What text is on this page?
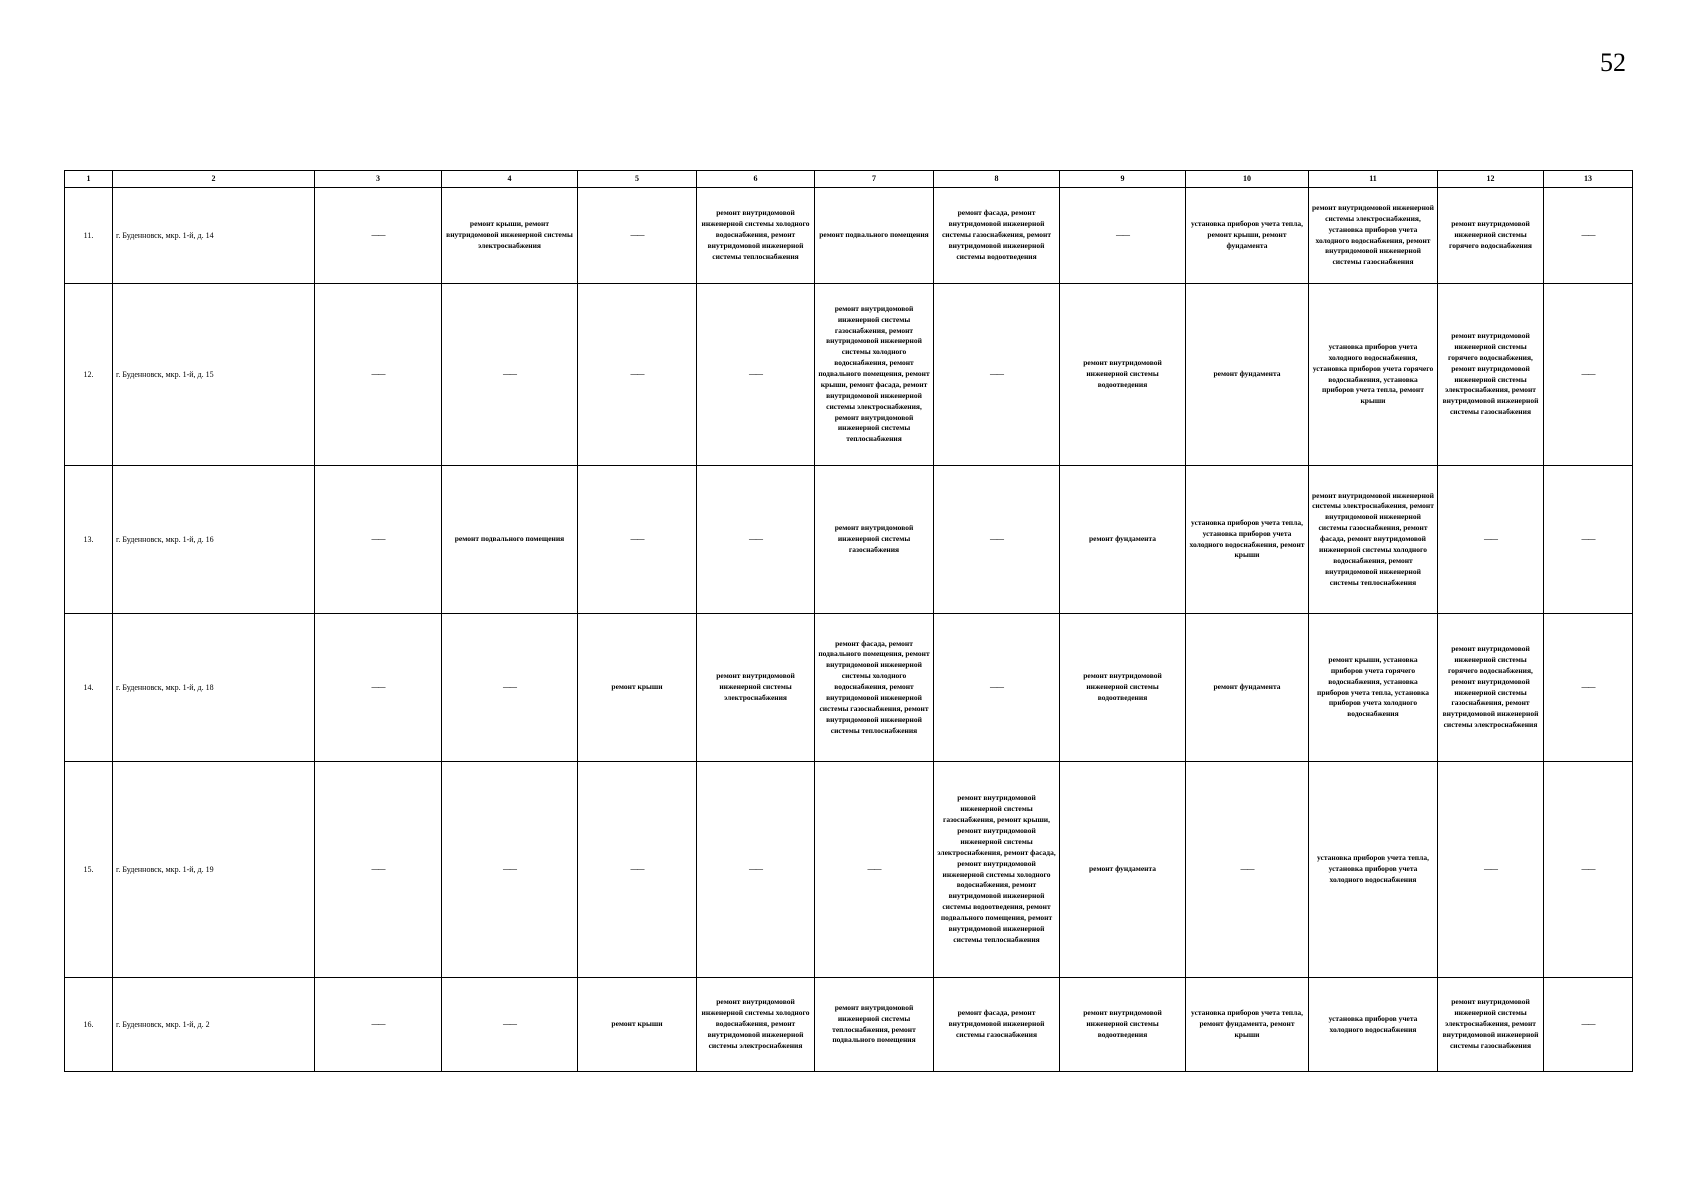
52
1	2	3	4	5	6	7	8	9	10	11	12	13
11.	г. Буденновск, мкр. 1-й, д. 14	——	ремонт крыши, ремонт внутридомовой инженерной системы электроснабжения	——	ремонт внутридомовой инженерной системы холодного водоснабжения, ремонт внутридомовой инженерной системы теплоснабжения	ремонт подвального помещения	ремонт фасада, ремонт внутридомовой инженерной системы газоснабжения, ремонт внутридомовой инженерной системы водоотведения	——	установка приборов учета тепла, ремонт крыши, ремонт фундамента	ремонт внутридомовой инженерной системы электроснабжения, установка приборов учета холодного водоснабжения, ремонт внутридомовой инженерной системы газоснабжения	ремонт внутридомовой инженерной системы горячего водоснабжения	——
12.	г. Буденновск, мкр. 1-й, д. 15	——	——	——	——	ремонт внутридомовой инженерной системы газоснабжения, ремонт внутридомовой инженерной системы холодного водоснабжения, ремонт подвального помещения, ремонт крыши, ремонт фасада, ремонт внутридомовой инженерной системы электроснабжения, ремонт внутридомовой инженерной системы теплоснабжения	——	ремонт внутридомовой инженерной системы водоотведения	ремонт фундамента	установка приборов учета холодного водоснабжения, установка приборов учета горячего водоснабжения, установка приборов учета тепла, ремонт крыши	ремонт внутридомовой инженерной системы горячего водоснабжения, ремонт внутридомовой инженерной системы электроснабжения, ремонт внутридомовой инженерной системы газоснабжения	——
13.	г. Буденновск, мкр. 1-й, д. 16	——	ремонт подвального помещения	——	——	ремонт внутридомовой инженерной системы газоснабжения	——	ремонт фундамента	установка приборов учета тепла, установка приборов учета холодного водоснабжения, ремонт крыши	ремонт внутридомовой инженерной системы электроснабжения, ремонт внутридомовой инженерной системы газоснабжения, ремонт фасада, ремонт внутридомовой инженерной системы холодного водоснабжения, ремонт внутридомовой инженерной системы теплоснабжения	——	——
14.	г. Буденновск, мкр. 1-й, д. 18	——	——	ремонт крыши	ремонт внутридомовой инженерной системы электроснабжения	ремонт фасада, ремонт подвального помещения, ремонт внутридомовой инженерной системы холодного водоснабжения, ремонт внутридомовой инженерной системы газоснабжения, ремонт внутридомовой инженерной системы теплоснабжения	——	ремонт внутридомовой инженерной системы водоотведения	ремонт фундамента	ремонт крыши, установка приборов учета горячего водоснабжения, установка приборов учета тепла, установка приборов учета холодного водоснабжения	ремонт внутридомовой инженерной системы горячего водоснабжения, ремонт внутридомовой инженерной системы газоснабжения, ремонт внутридомовой инженерной системы электроснабжения	——
15.	г. Буденновск, мкр. 1-й, д. 19	——	——	——	——	——	ремонт внутридомовой инженерной системы газоснабжения, ремонт крыши, ремонт внутридомовой инженерной системы электроснабжения, ремонт фасада, ремонт внутридомовой инженерной системы холодного водоснабжения, ремонт внутридомовой инженерной системы водоотведения, ремонт подвального помещения, ремонт внутридомовой инженерной системы теплоснабжения	ремонт фундамента	——	установка приборов учета тепла, установка приборов учета холодного водоснабжения	——	——
16.	г. Буденновск, мкр. 1-й, д. 2	——	——	ремонт крыши	ремонт внутридомовой инженерной системы холодного водоснабжения, ремонт внутридомовой инженерной системы электроснабжения	ремонт внутридомовой инженерной системы теплоснабжения, ремонт подвального помещения	ремонт фасада, ремонт внутридомовой инженерной системы газоснабжения	ремонт внутридомовой инженерной системы водоотведения	установка приборов учета тепла, ремонт фундамента, ремонт крыши	установка приборов учета холодного водоснабжения	ремонт внутридомовой инженерной системы электроснабжения, ремонт внутридомовой инженерной системы газоснабжения	——
